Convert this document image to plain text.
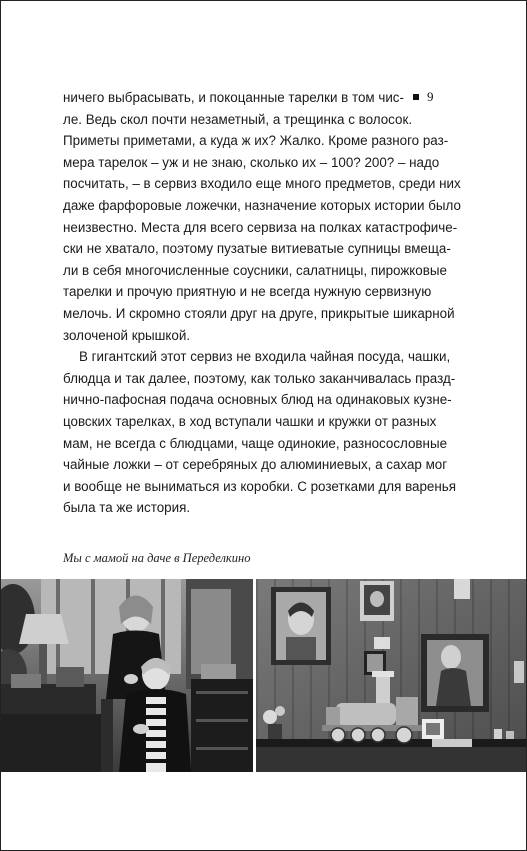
9
ничего выбрасывать, и покоцанные тарелки в том чис-
ле. Ведь скол почти незаметный, а трещинка с волосок.
Приметы приметами, а куда ж их? Жалко. Кроме разного раз-
мера тарелок – уж и не знаю, сколько их – 100? 200? – надо
посчитать, – в сервиз входило еще много предметов, среди них
даже фарфоровые ложечки, назначение которых истории было
неизвестно. Места для всего сервиза на полках катастрофиче-
ски не хватало, поэтому пузатые витиеватые супницы вмеща-
ли в себя многочисленные соусники, салатницы, пирожковые
тарелки и прочую приятную и не всегда нужную сервизную
мелочь. И скромно стояли друг на друге, прикрытые шикарной
золоченой крышкой.
В гигантский этот сервиз не входила чайная посуда, чашки,
блюдца и так далее, поэтому, как только заканчивалась празд-
нично-пафосная подача основных блюд на одинаковых кузне-
цовских тарелках, в ход вступали чашки и кружки от разных
мам, не всегда с блюдцами, чаще одинокие, разносословные
чайные ложки – от серебряных до алюминиевых, а сахар мог
и вообще не выниматься из коробки. С розетками для варенья
была та же история.
Мы с мамой на даче в Переделкино
